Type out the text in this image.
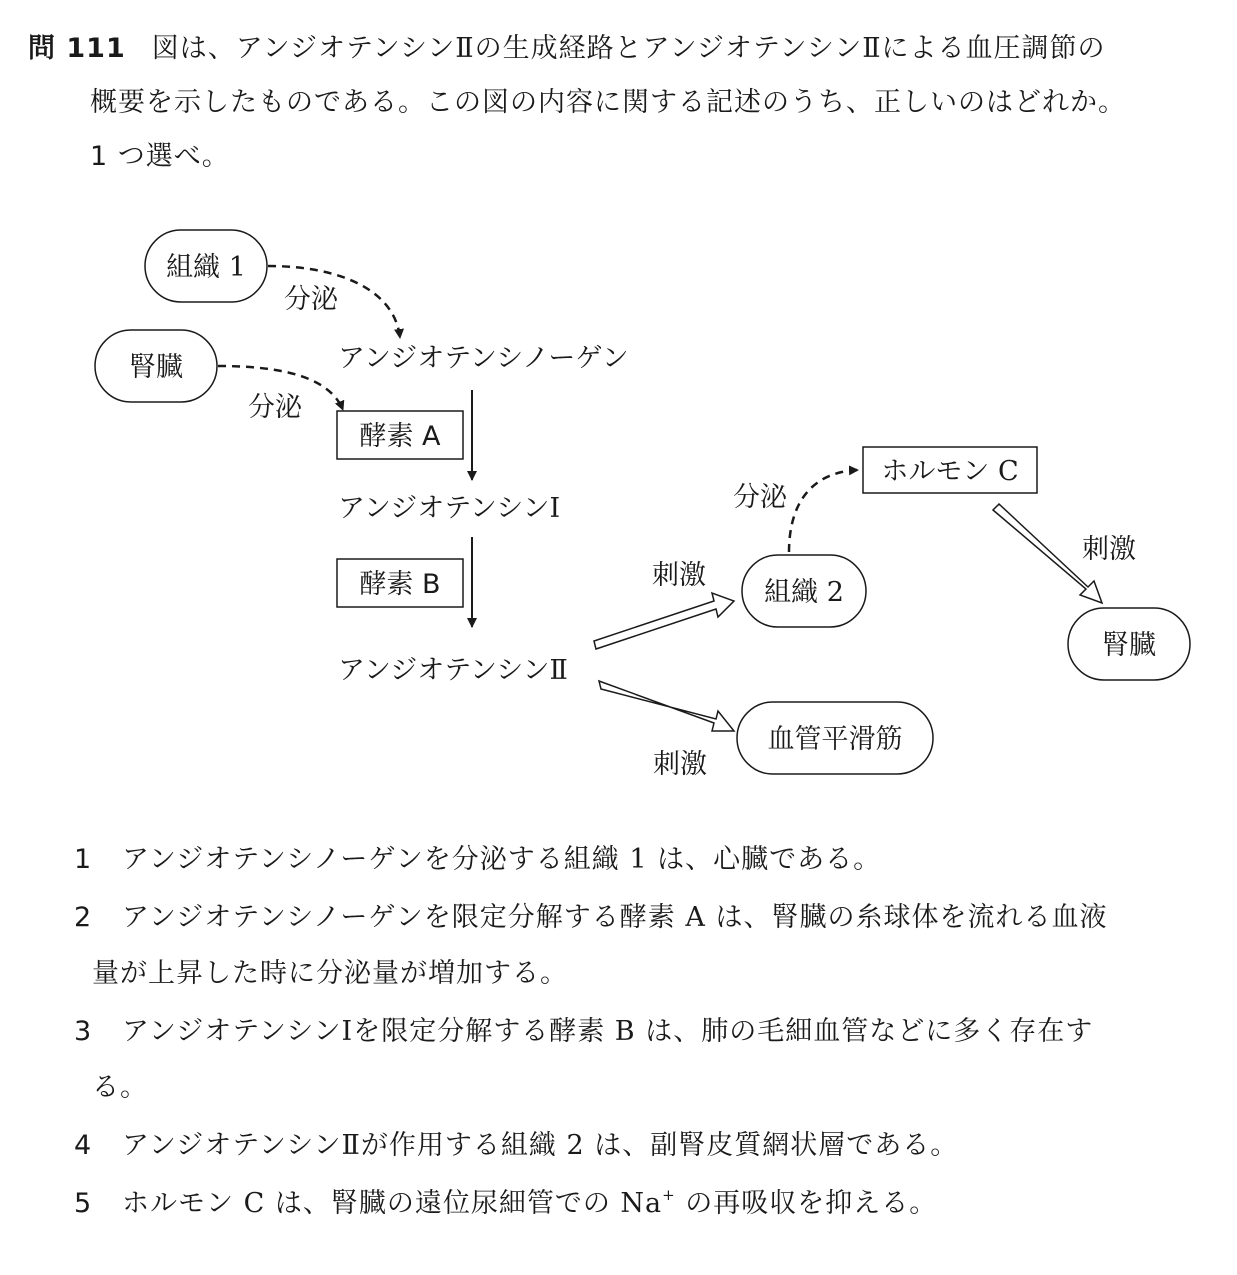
問 111 図は、アンジオテンシンⅡの生成経路とアンジオテンシンⅡによる血圧調節の
概要を示したものである。この図の内容に関する記述のうち、正しいのはどれか。
1 つ選べ。
組織 1
分泌
腎臓
分泌
アンジオテンシノーゲン
酵素 A
アンジオテンシンⅠ
酵素 B
アンジオテンシンⅡ
刺激
刺激
組織 2
血管平滑筋
分泌
ホルモン C
刺激
腎臓
1	アンジオテンシノーゲンを分泌する組織 1 は、心臓である。
2	アンジオテンシノーゲンを限定分解する酵素 A は、腎臓の糸球体を流れる血液
量が上昇した時に分泌量が増加する。
3	アンジオテンシンⅠを限定分解する酵素 B は、肺の毛細血管などに多く存在す
る。
4	アンジオテンシンⅡが作用する組織 2 は、副腎皮質網状層である。
5	ホルモン C は、腎臓の遠位尿細管での Na+ の再吸収を抑える。
